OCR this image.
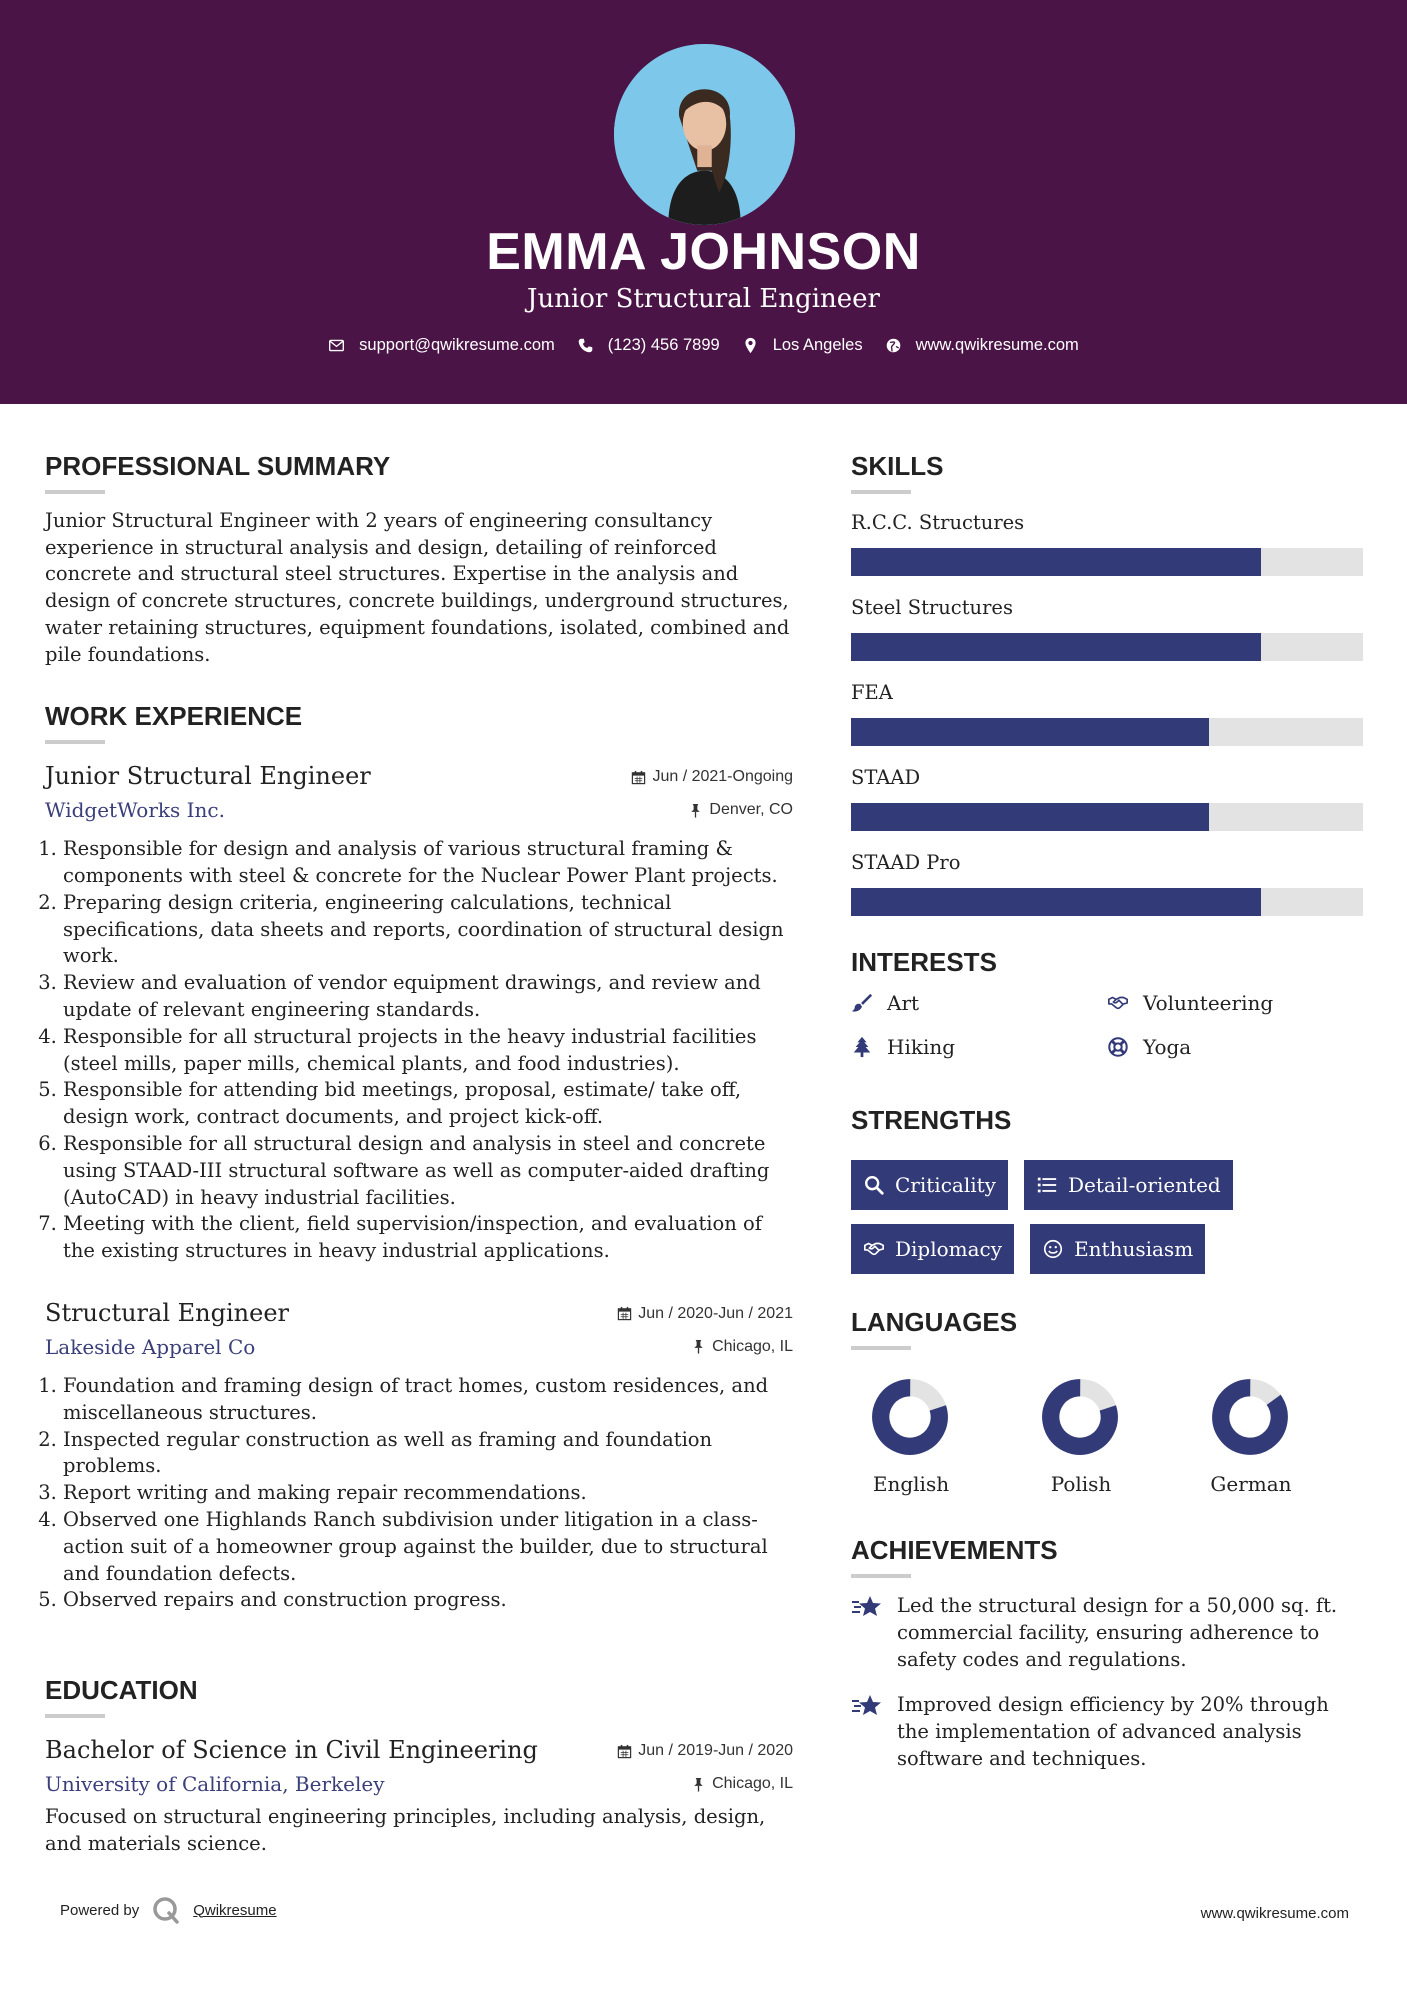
EMMA JOHNSON
Junior Structural Engineer
support@qwikresume.com	(123) 456 7899	Los Angeles	www.qwikresume.com
PROFESSIONAL SUMMARY

Junior Structural Engineer with 2 years of engineering consultancy experience in structural analysis and design, detailing of reinforced concrete and structural steel structures. Expertise in the analysis and design of concrete structures, concrete buildings, underground structures, water retaining structures, equipment foundations, isolated, combined and pile foundations.

WORK EXPERIENCE

Junior Structural Engineer

WidgetWorks Inc.

Jun / 2021-Ongoing
Denver, CO
1. Responsible for design and analysis of various structural framing & components with steel & concrete for the Nuclear Power Plant projects.
2. Preparing design criteria, engineering calculations, technical specifications, data sheets and reports, coordination of structural design work.
3. Review and evaluation of vendor equipment drawings, and review and update of relevant engineering standards.
4. Responsible for all structural projects in the heavy industrial facilities (steel mills, paper mills, chemical plants, and food industries).
5. Responsible for attending bid meetings, proposal, estimate/ take off, design work, contract documents, and project kick-off.
6. Responsible for all structural design and analysis in steel and concrete using STAAD-III structural software as well as computer-aided drafting (AutoCAD) in heavy industrial facilities.
7. Meeting with the client, field supervision/inspection, and evaluation of the existing structures in heavy industrial applications.

Structural Engineer

Lakeside Apparel Co

Jun / 2020-Jun / 2021
Chicago, IL
1. Foundation and framing design of tract homes, custom residences, and miscellaneous structures.
2. Inspected regular construction as well as framing and foundation problems.
3. Report writing and making repair recommendations.
4. Observed one Highlands Ranch subdivision under litigation in a class-action suit of a homeowner group against the builder, due to structural and foundation defects.
5. Observed repairs and construction progress.
EDUCATION

Bachelor of Science in Civil Engineering

University of California, Berkeley

Jun / 2019-Jun / 2020
Chicago, IL

Focused on structural engineering principles, including analysis, design, and materials science.

SKILLS

R.C.C. Structures

Steel Structures

FEA

STAAD

STAAD Pro

INTERESTS
Art	Volunteering
Hiking	Yoga
STRENGTHS
Criticality	Detail-oriented
Diplomacy	Enthusiasm
LANGUAGES
English	Polish	German
ACHIEVEMENTS

Led the structural design for a 50,000 sq. ft. commercial facility, ensuring adherence to safety codes and regulations.

Improved design efficiency by 20% through the implementation of advanced analysis software and techniques.

Powered by	Qwikresume	www.qwikresume.com
